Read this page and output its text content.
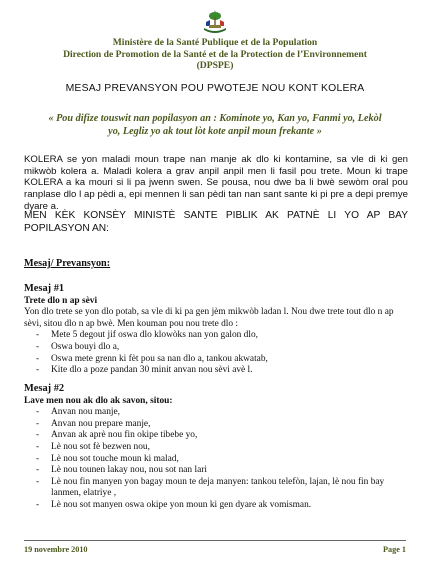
Ministère de la Santé Publique et de la Population
Direction de Promotion de la Santé et de la Protection de l’Environnement
(DPSPE)
MESAJ PREVANSYON POU PWOTEJE NOU KONT KOLERA
« Pou difize touswit nan popilasyon an : Kominote yo, Kan yo, Fanmi yo, Lekòl yo, Legliz yo ak tout lòt kote anpil moun frekante »
KOLERA se yon maladi moun trape nan manje ak dlo ki kontamine, sa vle di ki gen mikwòb kolera a. Maladi kolera a grav anpil anpil men li fasil pou trete. Moun ki trape KOLERA a ka mouri si li pa jwenn swen. Se pousa, nou dwe ba li bwè sewòm oral pou ranplase dlo l ap pèdi a, epi mennen li san pèdi tan nan sant sante ki pi pre a depi premye dyare a.
MEN KÈK KONSÈY MINISTÈ SANTE PIBLIK AK PATNÈ LI YO AP BAY POPILASYON AN:
Mesaj/ Prevansyon:
Mesaj #1
Trete dlo n ap sèvi
Yon dlo trete se yon dlo potab, sa vle di ki pa gen jèm mikwòb ladan l. Nou dwe trete tout dlo n ap sèvi, sitou dlo n ap bwè. Men kouman pou nou trete dlo :
- Mete 5 degout jif oswa dlo klowòks nan yon galon dlo,
- Oswa bouyi dlo a,
- Oswa mete grenn ki fèt pou sa nan dlo a, tankou akwatab,
- Kite dlo a poze pandan 30 minit anvan nou sèvi avè l.
Mesaj #2
Lave men nou ak dlo ak savon, sitou:
- Anvan nou manje,
- Anvan nou prepare manje,
- Anvan ak aprè nou fin okipe tibebe yo,
- Lè nou sot fè bezwen nou,
- Lè nou sot touche moun ki malad,
- Lè nou tounen lakay nou, nou sot nan lari
- Lè nou fin manyen yon bagay moun te deja manyen: tankou telefòn, lajan, lè nou fin bay lanmen, elatriye ,
- Lè nou sot manyen oswa okipe yon moun ki gen dyare ak vomisman.
19 novembre 2010	Page 1
